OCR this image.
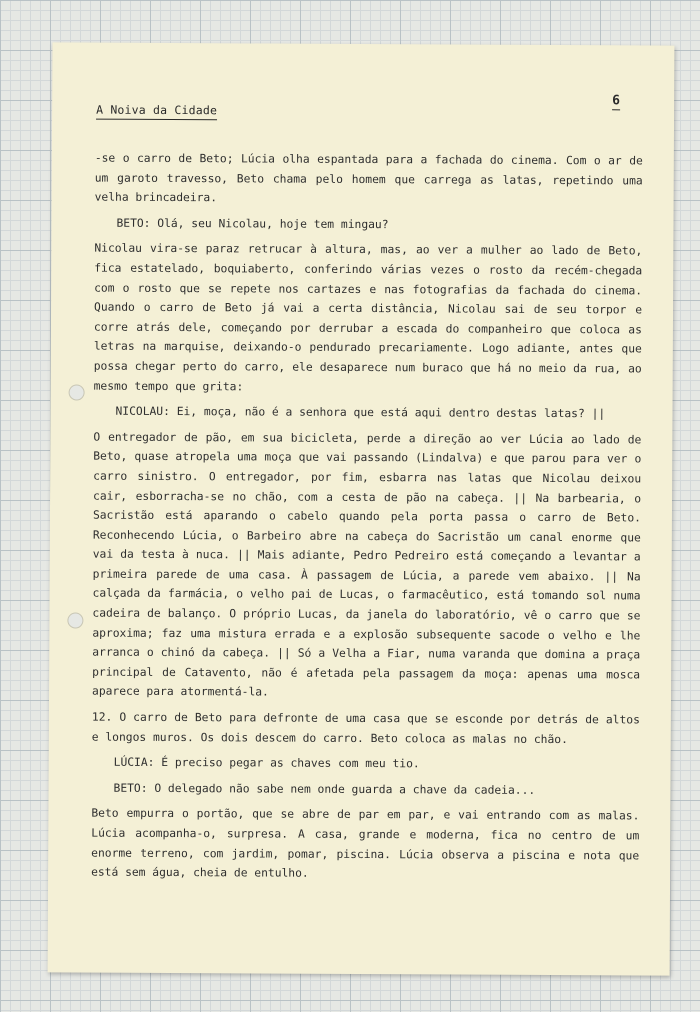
A Noiva da Cidade
6

-se o carro de Beto; Lúcia olha espantada para a fachada do cinema. Com o ar de um garoto travesso, Beto chama pelo homem que carrega as latas, repetindo uma velha brincadeira.

BETO: Olá, seu Nicolau, hoje tem mingau?

Nicolau vira-se paraz retrucar à altura, mas, ao ver a mulher ao lado de Beto, fica estatelado, boquiaberto, conferindo várias vezes o rosto da recém-chegada com o rosto que se repete nos cartazes e nas fotografias da fachada do cinema. Quando o carro de Beto já vai a certa distância, Nicolau sai de seu torpor e corre atrás dele, começando por derrubar a escada do companheiro que coloca as letras na marquise, deixando-o pendurado precariamente. Logo adiante, antes que possa chegar perto do carro, ele desaparece num buraco que há no meio da rua, ao mesmo tempo que grita:

NICOLAU: Ei, moça, não é a senhora que está aqui dentro destas latas? ||

O entregador de pão, em sua bicicleta, perde a direção ao ver Lúcia ao lado de Beto, quase atropela uma moça que vai passando (Lindalva) e que parou para ver o carro sinistro. O entregador, por fim, esbarra nas latas que Nicolau deixou cair, esborracha-se no chão, com a cesta de pão na cabeça. || Na barbearia, o Sacristão está aparando o cabelo quando pela porta passa o carro de Beto. Reconhecendo Lúcia, o Barbeiro abre na cabeça do Sacristão um canal enorme que vai da testa à nuca. || Mais adiante, Pedro Pedreiro está começando a levantar a primeira parede de uma casa. À passagem de Lúcia, a parede vem abaixo. || Na calçada da farmácia, o velho pai de Lucas, o farmacêutico, está tomando sol numa cadeira de balanço. O próprio Lucas, da janela do laboratório, vê o carro que se aproxima; faz uma mistura errada e a explosão subsequente sacode o velho e lhe arranca o chinó da cabeça. || Só a Velha a Fiar, numa varanda que domina a praça principal de Catavento, não é afetada pela passagem da moça: apenas uma mosca aparece para atormentá-la.

12. O carro de Beto para defronte de uma casa que se esconde por detrás de altos e longos muros. Os dois descem do carro. Beto coloca as malas no chão.

LÚCIA: É preciso pegar as chaves com meu tio.

BETO: O delegado não sabe nem onde guarda a chave da cadeia...

Beto empurra o portão, que se abre de par em par, e vai entrando com as malas. Lúcia acompanha-o, surpresa. A casa, grande e moderna, fica no centro de um enorme terreno, com jardim, pomar, piscina. Lúcia observa a piscina e nota que está sem água, cheia de entulho.
